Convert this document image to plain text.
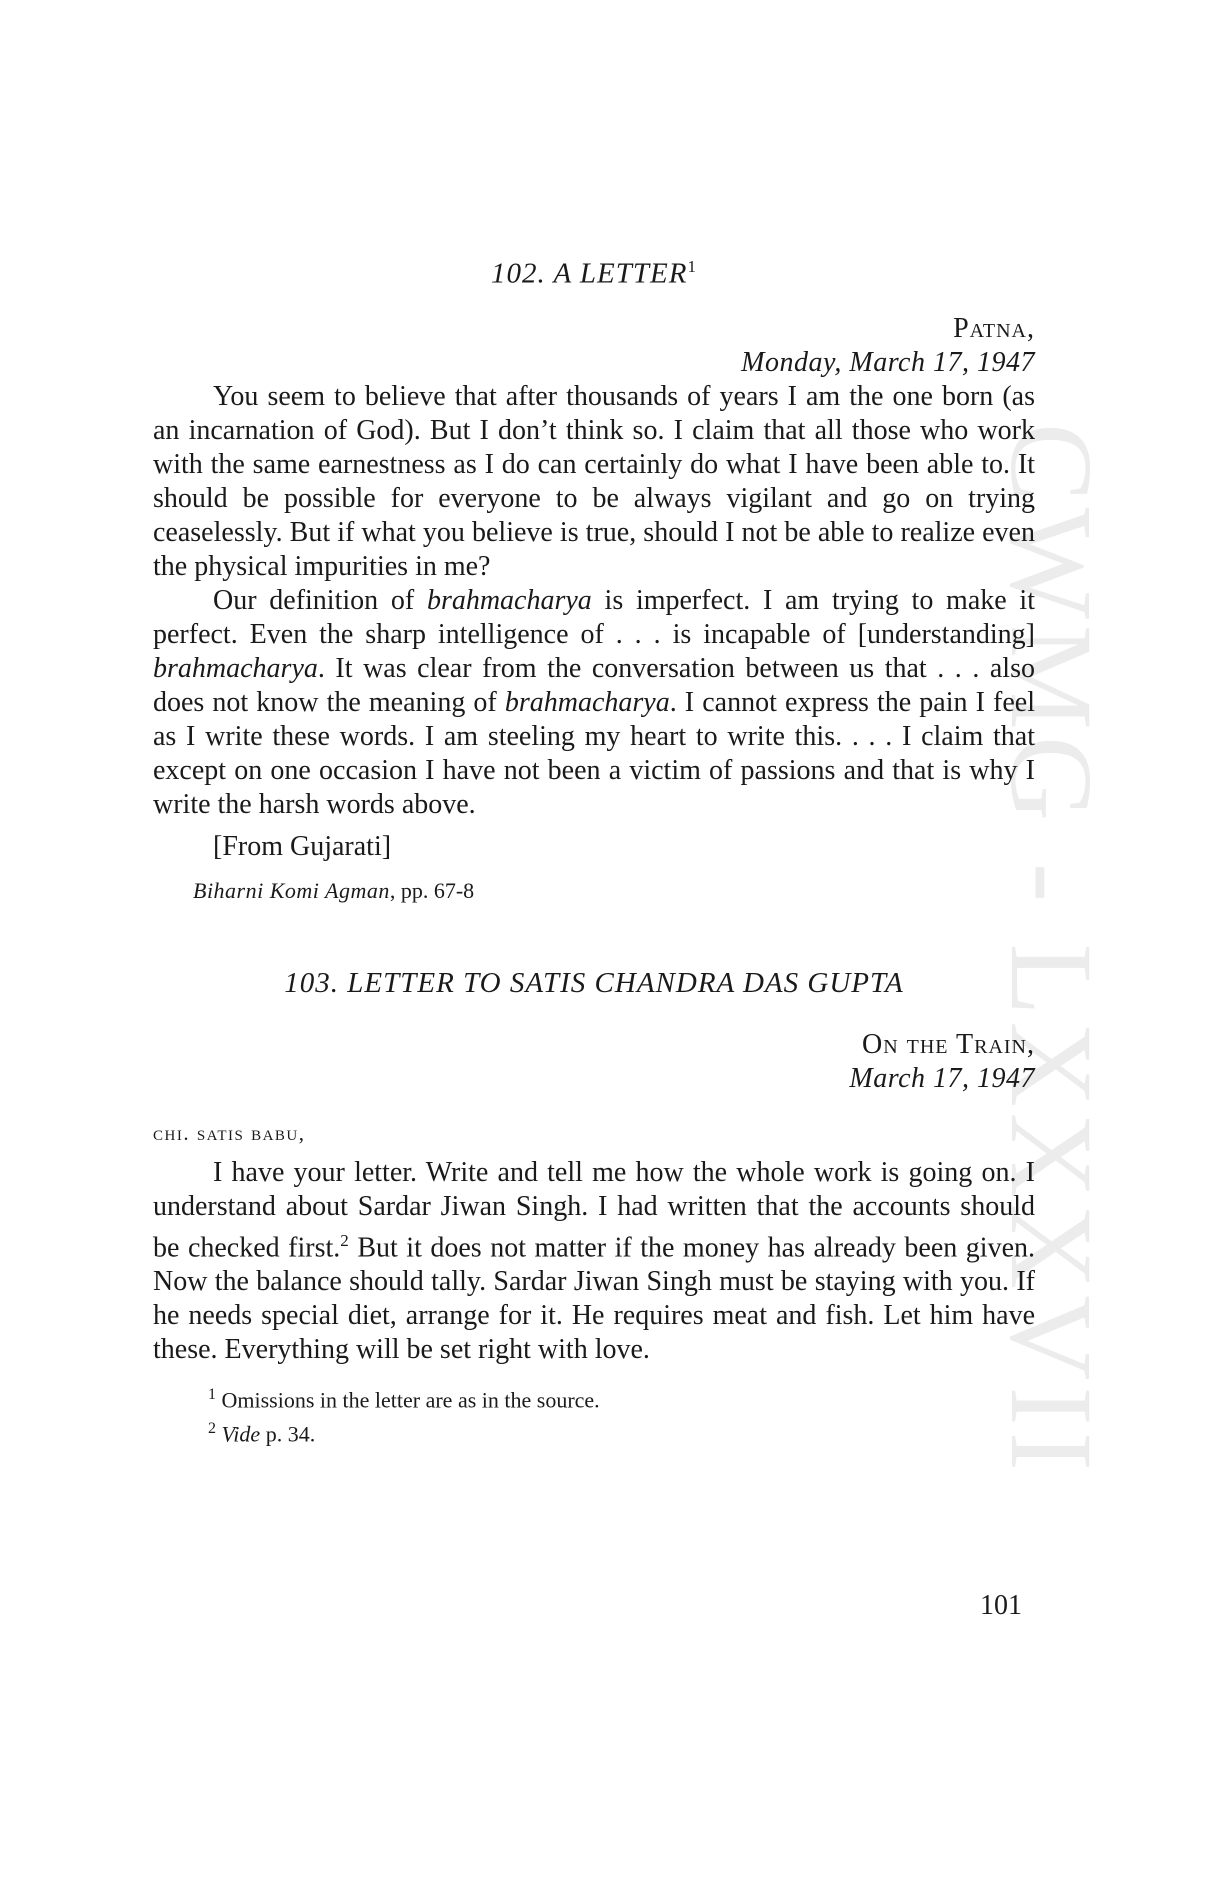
CWMG - LXXXVII
102. A LETTER$^1$
Patna,
Monday, March 17, 1947

You seem to believe that after thousands of years I am the one born (as an incarnation of God). But I don’t think so. I claim that all those who work with the same earnestness as I do can certainly do what I have been able to. It should be possible for everyone to be always vigilant and go on trying ceaselessly. But if what you believe is true, should I not be able to realize even the physical impurities in me?

Our definition of brahmacharya is imperfect. I am trying to make it perfect. Even the sharp intelligence of . . . is incapable of [understanding] brahmacharya. It was clear from the conversation between us that . . . also does not know the meaning of brahmacharya. I cannot express the pain I feel as I write these words. I am steeling my heart to write this. . . . I claim that except on one occasion I have not been a victim of passions and that is why I write the harsh words above.

[From Gujarati]
Biharni Komi Agman, pp. 67-8
103. LETTER TO SATIS CHANDRA DAS GUPTA
On the Train,
March 17, 1947
chi. satis babu,

I have your letter. Write and tell me how the whole work is going on. I understand about Sardar Jiwan Singh. I had written that the accounts should be checked first.$^2$ But it does not matter if the money has already been given. Now the balance should tally. Sardar Jiwan Singh must be staying with you. If he needs special diet, arrange for it. He requires meat and fish. Let him have these. Everything will be set right with love.

$^1$ Omissions in the letter are as in the source.
$^2$ Vide p. 34.
101
